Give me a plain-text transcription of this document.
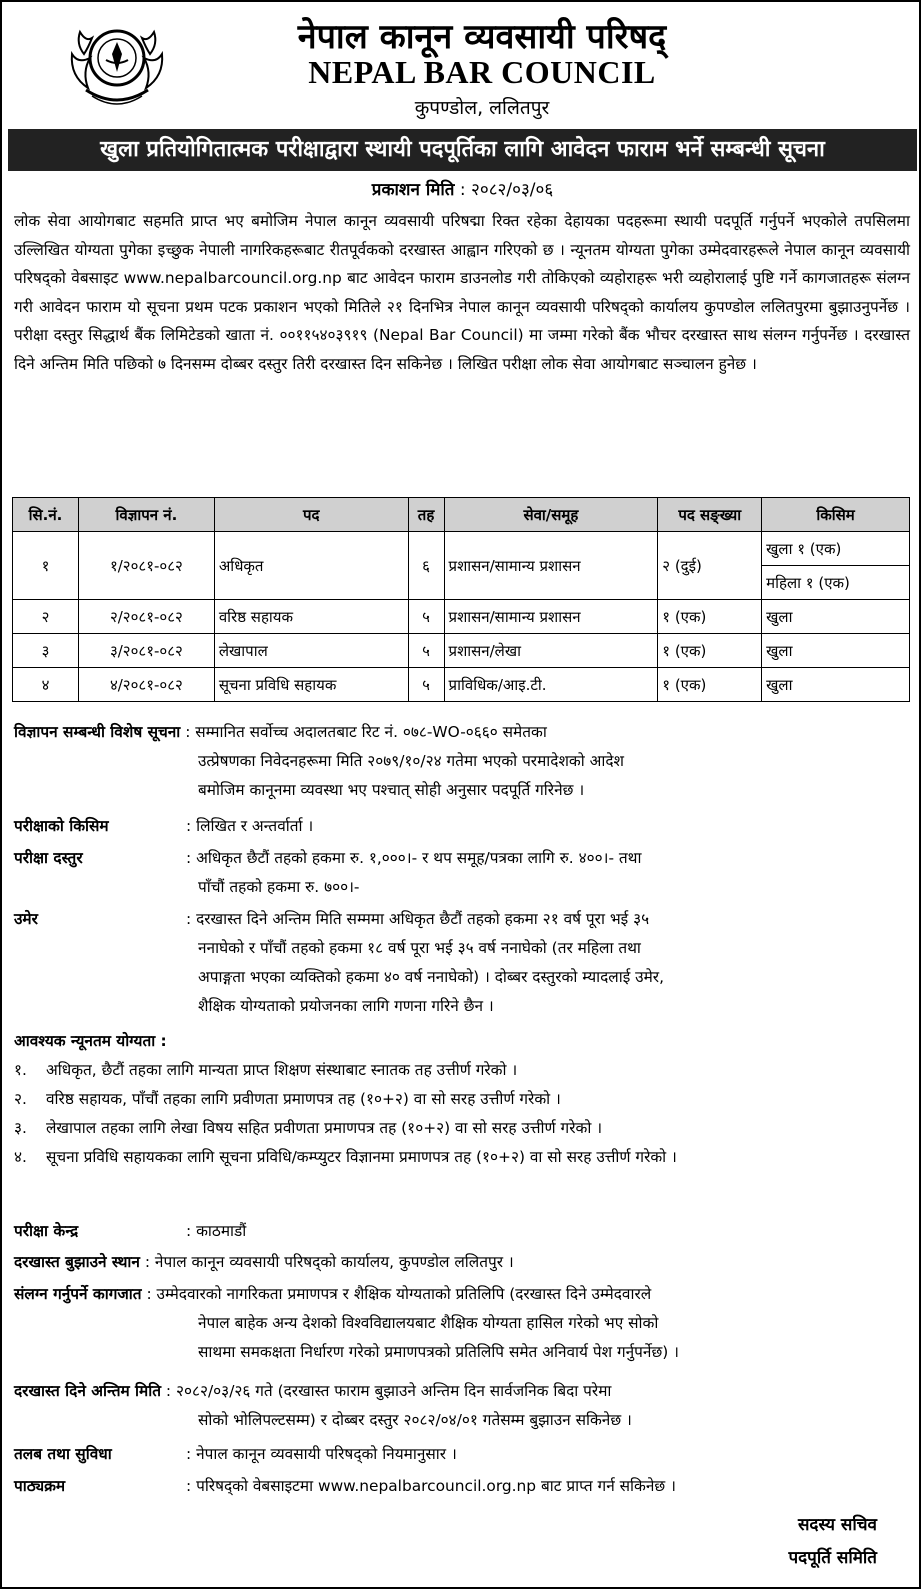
नेपाल कानून व्यवसायी परिषद्
NEPAL BAR COUNCIL
कुपण्डोल, ललितपुर
खुला प्रतियोगितात्मक परीक्षाद्वारा स्थायी पदपूर्तिका लागि आवेदन फाराम भर्ने सम्बन्धी सूचना
प्रकाशन मिति : २०८२/०३/०६
लोक सेवा आयोगबाट सहमति प्राप्त भए बमोजिम नेपाल कानून व्यवसायी परिषद्मा रिक्त रहेका देहायका पदहरूमा स्थायी पदपूर्ति गर्नुपर्ने भएकोले तपसिलमा उल्लिखित योग्यता पुगेका इच्छुक नेपाली नागरिकहरूबाट रीतपूर्वकको दरखास्त आह्वान गरिएको छ । न्यूनतम योग्यता पुगेका उम्मेदवारहरूले नेपाल कानून व्यवसायी परिषद्को वेबसाइट www.nepalbarcouncil.org.np बाट आवेदन फाराम डाउनलोड गरी तोकिएको व्यहोराहरू भरी व्यहोरालाई पुष्टि गर्ने कागजातहरू संलग्न गरी आवेदन फाराम यो सूचना प्रथम पटक प्रकाशन भएको मितिले २१ दिनभित्र नेपाल कानून व्यवसायी परिषद्को कार्यालय कुपण्डोल ललितपुरमा बुझाउनुपर्नेछ । परीक्षा दस्तुर सिद्धार्थ बैंक लिमिटेडको खाता नं. ००११५४०३९१९ (Nepal Bar Council) मा जम्मा गरेको बैंक भौचर दरखास्त साथ संलग्न गर्नुपर्नेछ । दरखास्त दिने अन्तिम मिति पछिको ७ दिनसम्म दोब्बर दस्तुर तिरी दरखास्त दिन सकिनेछ । लिखित परीक्षा लोक सेवा आयोगबाट सञ्चालन हुनेछ ।
सि.नं.	विज्ञापन नं.	पद	तह	सेवा/समूह	पद सङ्ख्या	किसिम
१	१/२०८१-०८२	अधिकृत	६	प्रशासन/सामान्य प्रशासन	२ (दुई)	खुला १ (एक)
						महिला १ (एक)
२	२/२०८१-०८२	वरिष्ठ सहायक	५	प्रशासन/सामान्य प्रशासन	१ (एक)	खुला
३	३/२०८१-०८२	लेखापाल	५	प्रशासन/लेखा	१ (एक)	खुला
४	४/२०८१-०८२	सूचना प्रविधि सहायक	५	प्राविधिक/आइ.टी.	१ (एक)	खुला
विज्ञापन सम्बन्धी विशेष सूचना
: सम्मानित सर्वोच्च अदालतबाट रिट नं. ०७८-WO-०६६० समेतका
उत्प्रेषणका निवेदनहरूमा मिति २०७९/१०/२४ गतेमा भएको परमादेशको आदेश
बमोजिम कानूनमा व्यवस्था भए पश्चात् सोही अनुसार पदपूर्ति गरिनेछ ।
परीक्षाको किसिम	: लिखित र अन्तर्वार्ता ।
परीक्षा दस्तुर	: अधिकृत छैटौं तहको हकमा रु. १,०००।- र थप समूह/पत्रका लागि रु. ४००।- तथा
पाँचौं तहको हकमा रु. ७००।-
उमेर	: दरखास्त दिने अन्तिम मिति सम्ममा अधिकृत छैटौं तहको हकमा २१ वर्ष पूरा भई ३५
ननाघेको र पाँचौं तहको हकमा १८ वर्ष पूरा भई ३५ वर्ष ननाघेको (तर महिला तथा
अपाङ्गता भएका व्यक्तिको हकमा ४० वर्ष ननाघेको) । दोब्बर दस्तुरको म्यादलाई उमेर,
शैक्षिक योग्यताको प्रयोजनका लागि गणना गरिने छैन ।
आवश्यक न्यूनतम योग्यता :
१.	अधिकृत, छैटौं तहका लागि मान्यता प्राप्त शिक्षण संस्थाबाट स्नातक तह उत्तीर्ण गरेको ।
२.	वरिष्ठ सहायक, पाँचौं तहका लागि प्रवीणता प्रमाणपत्र तह (१०+२) वा सो सरह उत्तीर्ण गरेको ।
३.	लेखापाल तहका लागि लेखा विषय सहित प्रवीणता प्रमाणपत्र तह (१०+२) वा सो सरह उत्तीर्ण गरेको ।
४.	सूचना प्रविधि सहायकका लागि सूचना प्रविधि/कम्प्युटर विज्ञानमा प्रमाणपत्र तह (१०+२) वा सो सरह उत्तीर्ण गरेको ।
परीक्षा केन्द्र	: काठमाडौं
दरखास्त बुझाउने स्थान
: नेपाल कानून व्यवसायी परिषद्को कार्यालय, कुपण्डोल ललितपुर ।
संलग्न गर्नुपर्ने कागजात
: उम्मेदवारको नागरिकता प्रमाणपत्र र शैक्षिक योग्यताको प्रतिलिपि (दरखास्त दिने उम्मेदवारले
नेपाल बाहेक अन्य देशको विश्वविद्यालयबाट शैक्षिक योग्यता हासिल गरेको भए सोको
साथमा समकक्षता निर्धारण गरेको प्रमाणपत्रको प्रतिलिपि समेत अनिवार्य पेश गर्नुपर्नेछ) ।
दरखास्त दिने अन्तिम मिति
: २०८२/०३/२६ गते (दरखास्त फाराम बुझाउने अन्तिम दिन सार्वजनिक बिदा परेमा
सोको भोलिपल्टसम्म) र दोब्बर दस्तुर २०८२/०४/०१ गतेसम्म बुझाउन सकिनेछ ।
तलब तथा सुविधा	: नेपाल कानून व्यवसायी परिषद्को नियमानुसार ।
पाठ्यक्रम	: परिषद्को वेबसाइटमा www.nepalbarcouncil.org.np बाट प्राप्त गर्न सकिनेछ ।
सदस्य सचिव
पदपूर्ति समिति
